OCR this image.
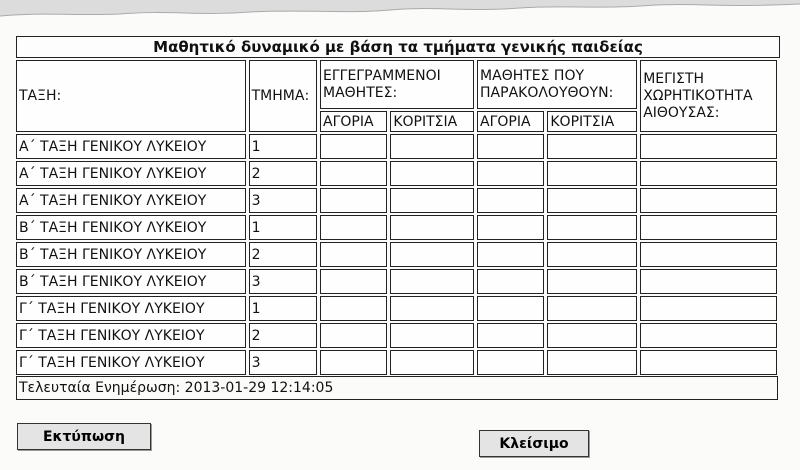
Μαθητικό δυναμικό με βάση τα τμήματα γενικής παιδείας
ΤΑΞΗ:	ΤΜΗΜΑ:	ΕΓΓΕΓΡΑΜΜΕΝΟΙ ΜΑΘΗΤΕΣ:		ΜΑΘΗΤΕΣ ΠΟΥ ΠΑΡΑΚΟΛΟΥΘΟΥΝ:		ΜΕΓΙΣΤΗ ΧΩΡΗΤΙΚΟΤΗΤΑ ΑΙΘΟΥΣΑΣ:
		ΑΓΟΡΙΑ	ΚΟΡΙΤΣΙΑ	ΑΓΟΡΙΑ	ΚΟΡΙΤΣΙΑ	
Α΄ ΤΑΞΗ ΓΕΝΙΚΟΥ ΛΥΚΕΙΟΥ	1					
Α΄ ΤΑΞΗ ΓΕΝΙΚΟΥ ΛΥΚΕΙΟΥ	2					
Α΄ ΤΑΞΗ ΓΕΝΙΚΟΥ ΛΥΚΕΙΟΥ	3					
Β΄ ΤΑΞΗ ΓΕΝΙΚΟΥ ΛΥΚΕΙΟΥ	1					
Β΄ ΤΑΞΗ ΓΕΝΙΚΟΥ ΛΥΚΕΙΟΥ	2					
Β΄ ΤΑΞΗ ΓΕΝΙΚΟΥ ΛΥΚΕΙΟΥ	3					
Γ΄ ΤΑΞΗ ΓΕΝΙΚΟΥ ΛΥΚΕΙΟΥ	1					
Γ΄ ΤΑΞΗ ΓΕΝΙΚΟΥ ΛΥΚΕΙΟΥ	2					
Γ΄ ΤΑΞΗ ΓΕΝΙΚΟΥ ΛΥΚΕΙΟΥ	3					
Τελευταία Ενημέρωση: 2013-01-29 12:14:05
Εκτύπωση	Κλείσιμο
